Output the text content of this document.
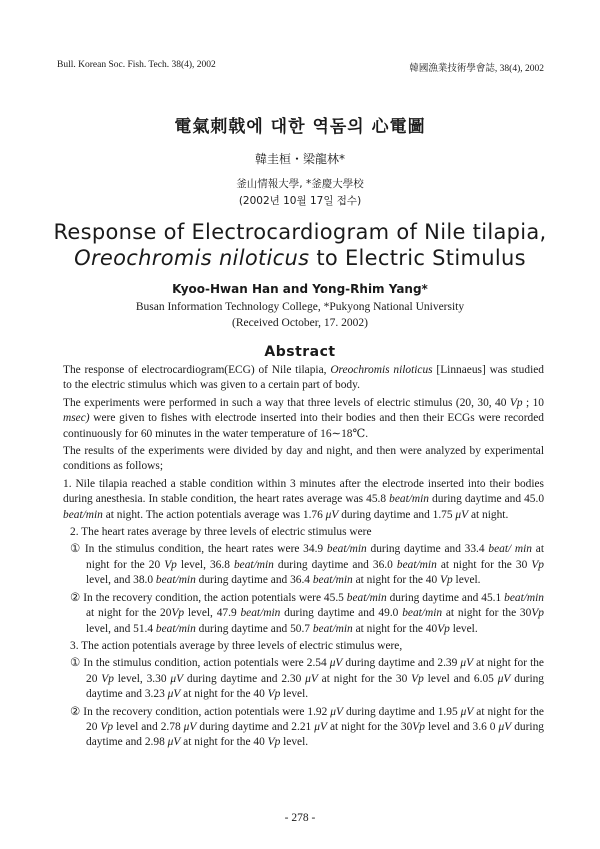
Bull. Korean Soc. Fish. Tech. 38(4), 2002	韓國漁業技術學會誌, 38(4), 2002
電氣刺戟에 대한 역돔의 心電圖
韓圭桓・梁龍林*
釜山情報大學, *釜慶大學校
(2002년 10월 17일 접수)
Response of Electrocardiogram of Nile tilapia,
Oreochromis niloticus to Electric Stimulus
Kyoo-Hwan Han and Yong-Rhim Yang*
Busan Information Technology College, *Pukyong National University
(Received October, 17. 2002)
Abstract

The response of electrocardiogram(ECG) of Nile tilapia, Oreochromis niloticus [Linnaeus] was studied to the electric stimulus which was given to a certain part of body.

The experiments were performed in such a way that three levels of electric stimulus (20, 30, 40 Vp ; 10 msec) were given to fishes with electrode inserted into their bodies and then their ECGs were recorded continuously for 60 minutes in the water temperature of 16∼18℃.

The results of the experiments were divided by day and night, and then were analyzed by experimental conditions as follows;

1. Nile tilapia reached a stable condition within 3 minutes after the electrode inserted into their bodies during anesthesia. In stable condition, the heart rates average was 45.8 beat/min during daytime and 45.0 beat/min at night. The action potentials average was 1.76 μV during daytime and 1.75 μV at night.

2. The heart rates average by three levels of electric stimulus were

① In the stimulus condition, the heart rates were 34.9 beat/min during daytime and 33.4 beat/ min at night for the 20 Vp level, 36.8 beat/min during daytime and 36.0 beat/min at night for the 30 Vp level, and 38.0 beat/min during daytime and 36.4 beat/min at night for the 40 Vp level.

② In the recovery condition, the action potentials were 45.5 beat/min during daytime and 45.1 beat/min at night for the 20Vp level, 47.9 beat/min during daytime and 49.0 beat/min at night for the 30Vp level, and 51.4 beat/min during daytime and 50.7 beat/min at night for the 40Vp level.

3. The action potentials average by three levels of electric stimulus were,

① In the stimulus condition, action potentials were 2.54 μV during daytime and 2.39 μV at night for the 20 Vp level, 3.30 μV during daytime and 2.30 μV at night for the 30 Vp level and 6.05 μV during daytime and 3.23 μV at night for the 40 Vp level.

② In the recovery condition, action potentials were 1.92 μV during daytime and 1.95 μV at night for the 20 Vp level and 2.78 μV during daytime and 2.21 μV at night for the 30Vp level and 3.6 0 μV during daytime and 2.98 μV at night for the 40 Vp level.

- 278 -
